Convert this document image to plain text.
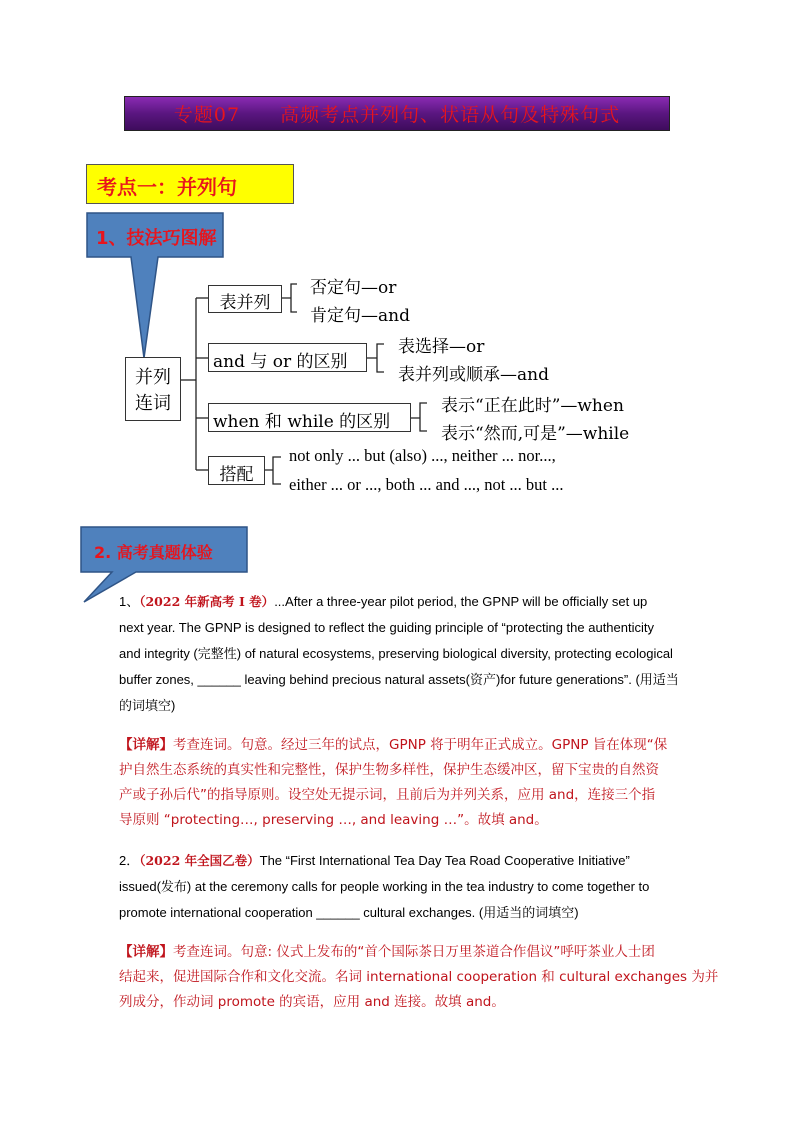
专题07　　高频考点并列句、状语从句及特殊句式
考点一：并列句
1、技法巧图解
并列
连词
表并列
否定句—or
肯定句—and
and 与 or 的区别
表选择—or
表并列或顺承—and
when 和 while 的区别
表示“正在此时”—when
表示“然而,可是”—while
搭配
not only ... but (also) ..., neither ... nor...,
either ... or ..., both ... and ..., not ... but ...
2. 高考真题体验
1、（2022 年新高考 I 卷）...After a three-year pilot period, the GPNP will be officially set up
next year. The GPNP is designed to reflect the guiding principle of “protecting the authenticity
and integrity (完整性) of natural ecosystems, preserving biological diversity, protecting ecological
buffer zones, ______ leaving behind precious natural assets(资产)for future generations”. (用适当
的词填空)
【详解】考查连词。句意。经过三年的试点，GPNP 将于明年正式成立。GPNP 旨在体现“保
护自然生态系统的真实性和完整性，保护生物多样性，保护生态缓冲区，留下宝贵的自然资
产或子孙后代”的指导原则。设空处无提示词，且前后为并列关系，应用 and，连接三个指
导原则 “protecting…, preserving …, and leaving …”。故填 and。
2．（2022 年全国乙卷）The “First International Tea Day Tea Road Cooperative Initiative”
issued(发布) at the ceremony calls for people working in the tea industry to come together to
promote international cooperation ______ cultural exchanges. (用适当的词填空)
【详解】考查连词。句意: 仪式上发布的“首个国际茶日万里茶道合作倡议”呼吁茶业人士团
结起来，促进国际合作和文化交流。名词 international cooperation 和 cultural exchanges 为并
列成分，作动词 promote 的宾语，应用 and 连接。故填 and。
